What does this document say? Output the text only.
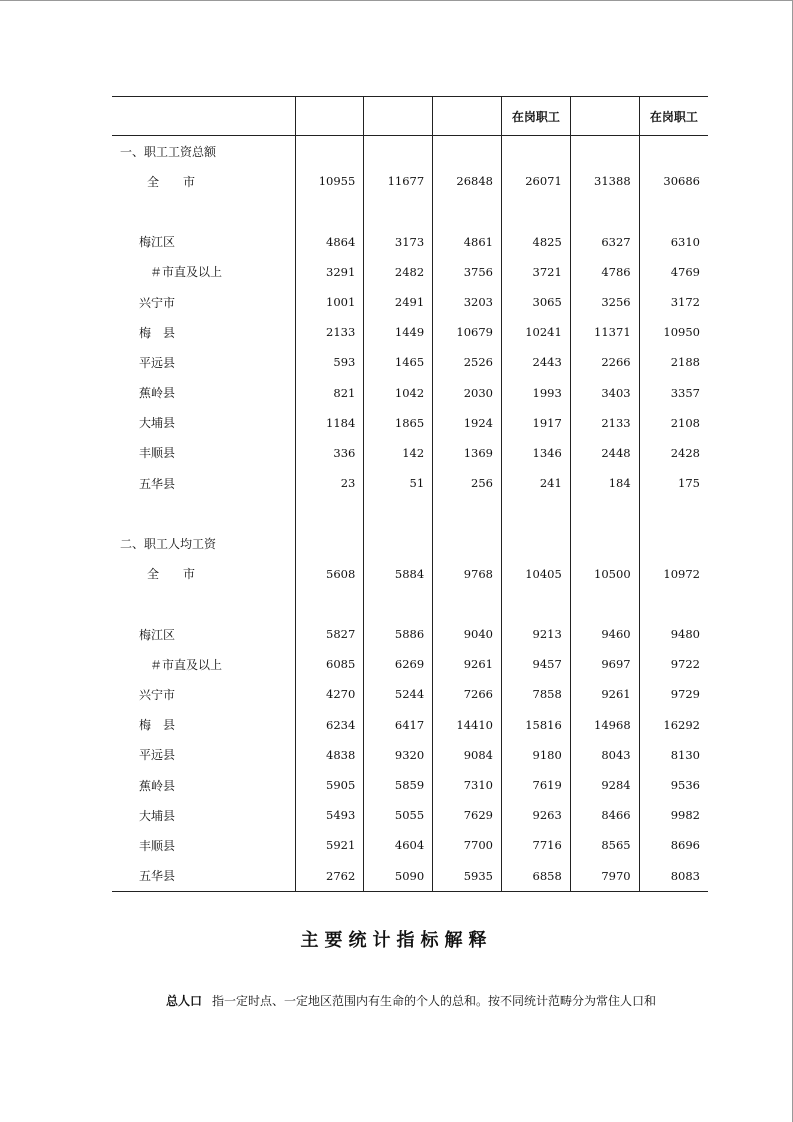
				在岗职工		在岗职工
一、职工工资总额						
全　　市	10955	11677	26848	26071	31388	30686

梅江区	4864	3173	4861	4825	6327	6310
＃市直及以上	3291	2482	3756	3721	4786	4769
兴宁市	1001	2491	3203	3065	3256	3172
梅　县	2133	1449	10679	10241	11371	10950
平远县	593	1465	2526	2443	2266	2188
蕉岭县	821	1042	2030	1993	3403	3357
大埔县	1184	1865	1924	1917	2133	2108
丰顺县	336	142	1369	1346	2448	2428
五华县	23	51	256	241	184	175

二、职工人均工资						
全　　市	5608	5884	9768	10405	10500	10972

梅江区	5827	5886	9040	9213	9460	9480
＃市直及以上	6085	6269	9261	9457	9697	9722
兴宁市	4270	5244	7266	7858	9261	9729
梅　县	6234	6417	14410	15816	14968	16292
平远县	4838	9320	9084	9180	8043	8130
蕉岭县	5905	5859	7310	7619	9284	9536
大埔县	5493	5055	7629	9263	8466	9982
丰顺县	5921	4604	7700	7716	8565	8696
五华县	2762	5090	5935	6858	7970	8083
主要统计指标解释

总人口 指一定时点、一定地区范围内有生命的个人的总和。按不同统计范畴分为常住人口和
